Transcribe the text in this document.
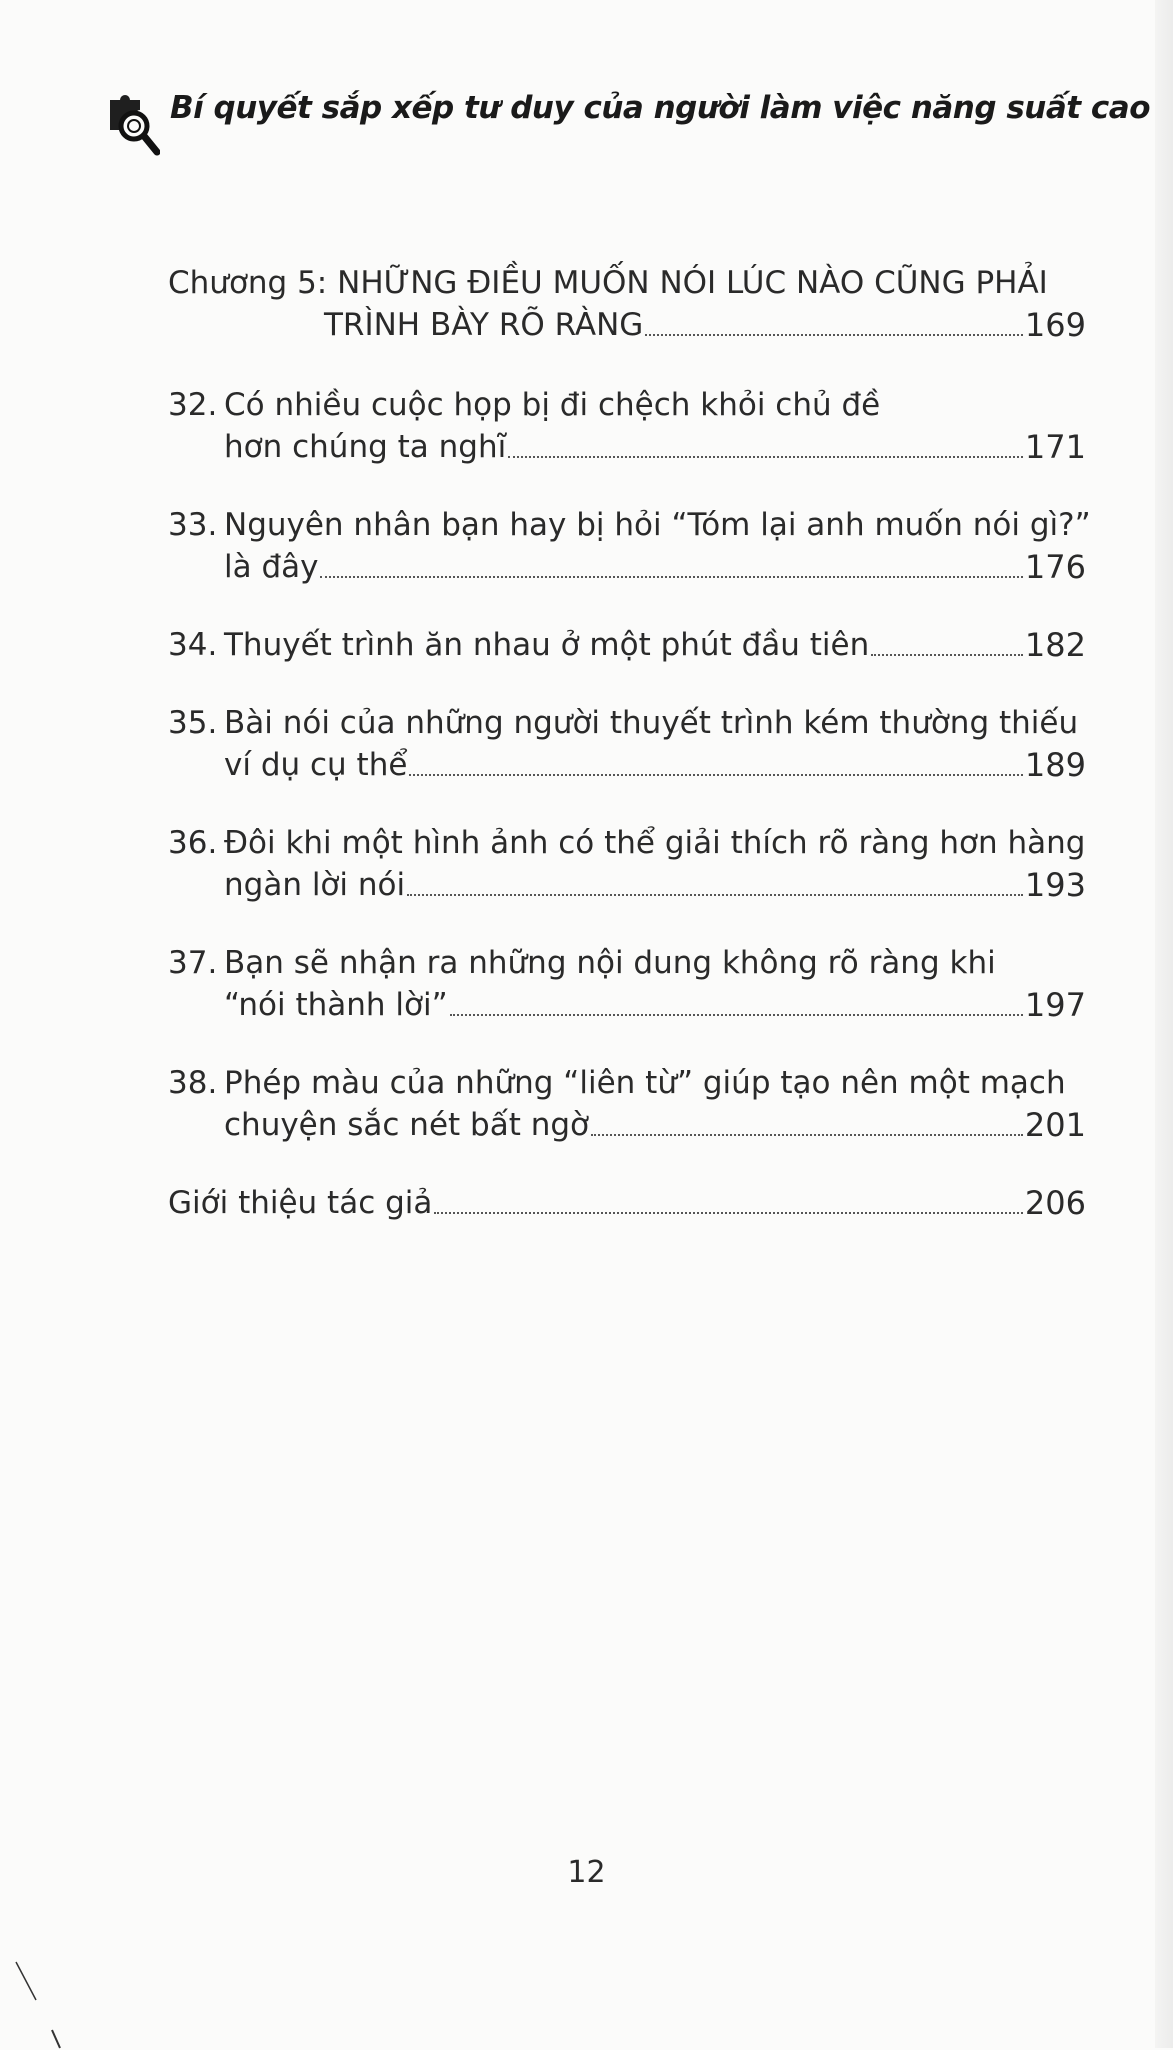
Bí quyết sắp xếp tư duy của người làm việc năng suất cao
Chương 5: NHỮNG ĐIỀU MUỐN NÓI LÚC NÀO CŨNG PHẢI
TRÌNH BÀY RÕ RÀNG	169
32. Có nhiều cuộc họp bị đi chệch khỏi chủ đề
hơn chúng ta nghĩ	171
33. Nguyên nhân bạn hay bị hỏi “Tóm lại anh muốn nói gì?”
là đây	176
34. Thuyết trình ăn nhau ở một phút đầu tiên	182
35. Bài nói của những người thuyết trình kém thường thiếu
ví dụ cụ thể	189
36. Đôi khi một hình ảnh có thể giải thích rõ ràng hơn hàng
ngàn lời nói	193
37. Bạn sẽ nhận ra những nội dung không rõ ràng khi
“nói thành lời”	197
38. Phép màu của những “liên từ” giúp tạo nên một mạch
chuyện sắc nét bất ngờ	201
Giới thiệu tác giả	206
12
